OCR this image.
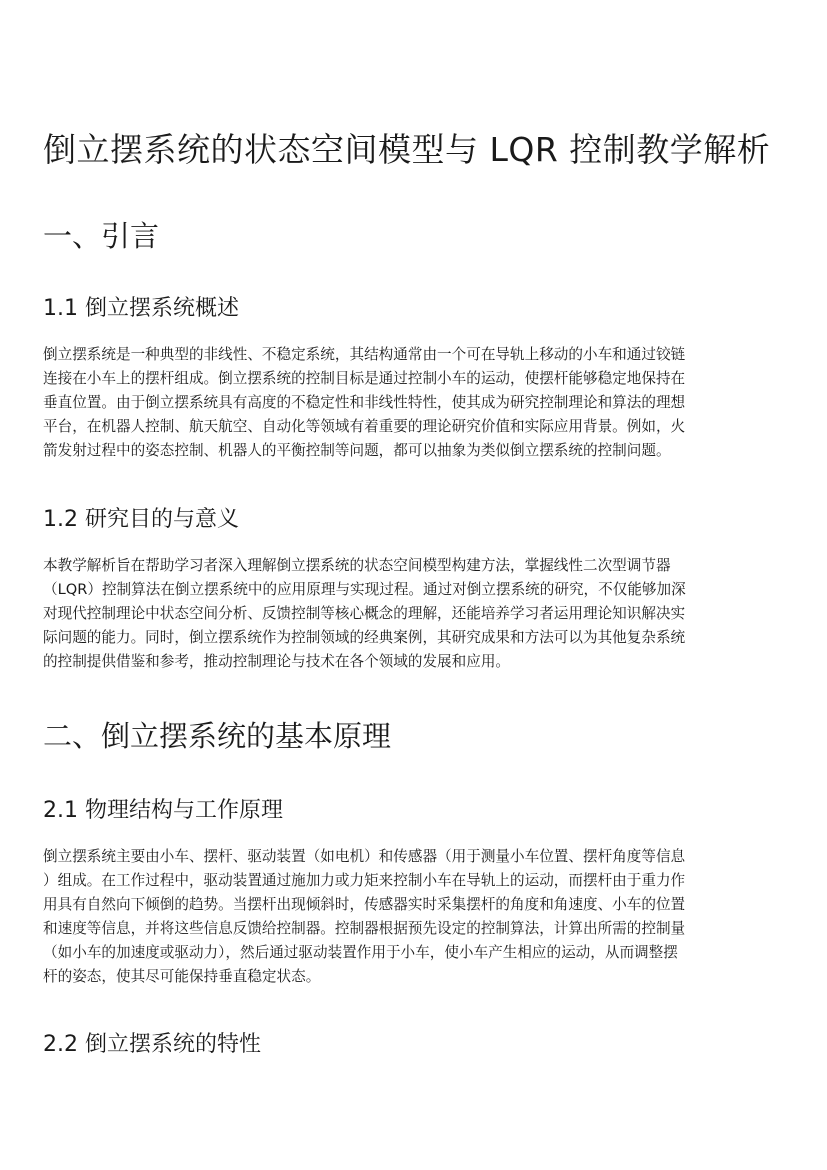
倒立摆系统的状态空间模型与 LQR 控制教学解析
一、引言
1.1 倒立摆系统概述
倒立摆系统是一种典型的非线性、不稳定系统，其结构通常由一个可在导轨上移动的小车和通过铰链
连接在小车上的摆杆组成。倒立摆系统的控制目标是通过控制小车的运动，使摆杆能够稳定地保持在
垂直位置。由于倒立摆系统具有高度的不稳定性和非线性特性，使其成为研究控制理论和算法的理想
平台，在机器人控制、航天航空、自动化等领域有着重要的理论研究价值和实际应用背景。例如，火
箭发射过程中的姿态控制、机器人的平衡控制等问题，都可以抽象为类似倒立摆系统的控制问题。
1.2 研究目的与意义
本教学解析旨在帮助学习者深入理解倒立摆系统的状态空间模型构建方法，掌握线性二次型调节器
（LQR）控制算法在倒立摆系统中的应用原理与实现过程。通过对倒立摆系统的研究，不仅能够加深
对现代控制理论中状态空间分析、反馈控制等核心概念的理解，还能培养学习者运用理论知识解决实
际问题的能力。同时，倒立摆系统作为控制领域的经典案例，其研究成果和方法可以为其他复杂系统
的控制提供借鉴和参考，推动控制理论与技术在各个领域的发展和应用。
二、倒立摆系统的基本原理
2.1 物理结构与工作原理
倒立摆系统主要由小车、摆杆、驱动装置（如电机）和传感器（用于测量小车位置、摆杆角度等信息
）组成。在工作过程中，驱动装置通过施加力或力矩来控制小车在导轨上的运动，而摆杆由于重力作
用具有自然向下倾倒的趋势。当摆杆出现倾斜时，传感器实时采集摆杆的角度和角速度、小车的位置
和速度等信息，并将这些信息反馈给控制器。控制器根据预先设定的控制算法，计算出所需的控制量
（如小车的加速度或驱动力），然后通过驱动装置作用于小车，使小车产生相应的运动，从而调整摆
杆的姿态，使其尽可能保持垂直稳定状态。
2.2 倒立摆系统的特性
